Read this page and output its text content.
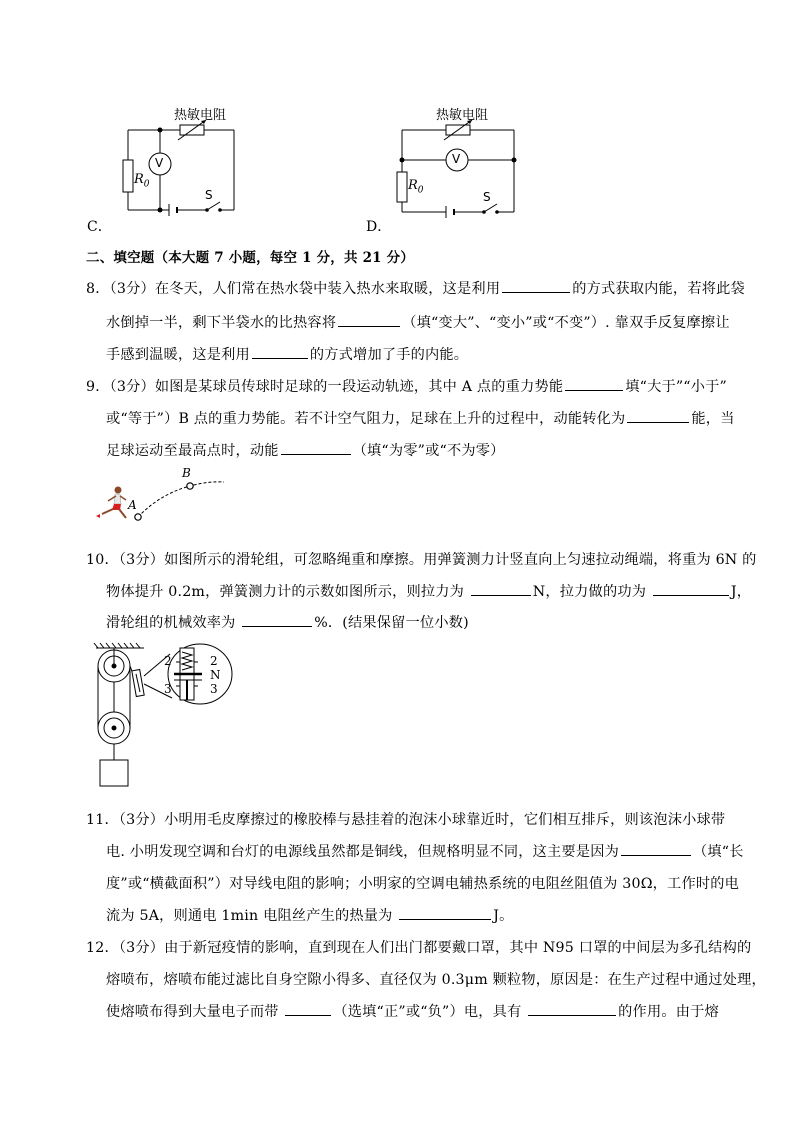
热敏电阻
V
$R_0$
S
C．
热敏电阻
V
$R_0$	S
D．
二、填空题（本大题 7 小题，每空 1 分，共 21 分）
8．（3分）在冬天，人们常在热水袋中装入热水来取暖，这是利用	的方式获取内能，若将此袋
水倒掉一半，剩下半袋水的比热容将	（填“变大”、“变小”或“不变”）. 靠双手反复摩擦让
手感到温暖，这是利用	的方式增加了手的内能。
9．（3分）如图是某球员传球时足球的一段运动轨迹，其中 A 点的重力势能	填“大于”“小于”
或“等于”）B 点的重力势能。若不计空气阻力，足球在上升的过程中，动能转化为	能，当
足球运动至最高点时，动能	（填“为零”或“不为零）
A
B
10．（3分）如图所示的滑轮组，可忽略绳重和摩擦。用弹簧测力计竖直向上匀速拉动绳端，将重为 6N 的
物体提升 0.2m，弹簧测力计的示数如图所示，则拉力为	N，拉力做的功为	J，
滑轮组的机械效率为	%．(结果保留一位小数)
2
3
2
N
3
11．（3分）小明用毛皮摩擦过的橡胶棒与悬挂着的泡沫小球靠近时，它们相互排斥，则该泡沫小球带
电. 小明发现空调和台灯的电源线虽然都是铜线，但规格明显不同，这主要是因为	（填“长
度”或“横截面积”）对导线电阻的影响；小明家的空调电辅热系统的电阻丝阻值为 30Ω，工作时的电
流为 5A，则通电 1min 电阻丝产生的热量为	J。
12．（3分）由于新冠疫情的影响，直到现在人们出门都要戴口罩，其中 N95 口罩的中间层为多孔结构的
熔喷布，熔喷布能过滤比自身空隙小得多、直径仅为 0.3μm 颗粒物，原因是：在生产过程中通过处理，
使熔喷布得到大量电子而带	（选填“正”或“负”）电，具有	的作用。由于熔
